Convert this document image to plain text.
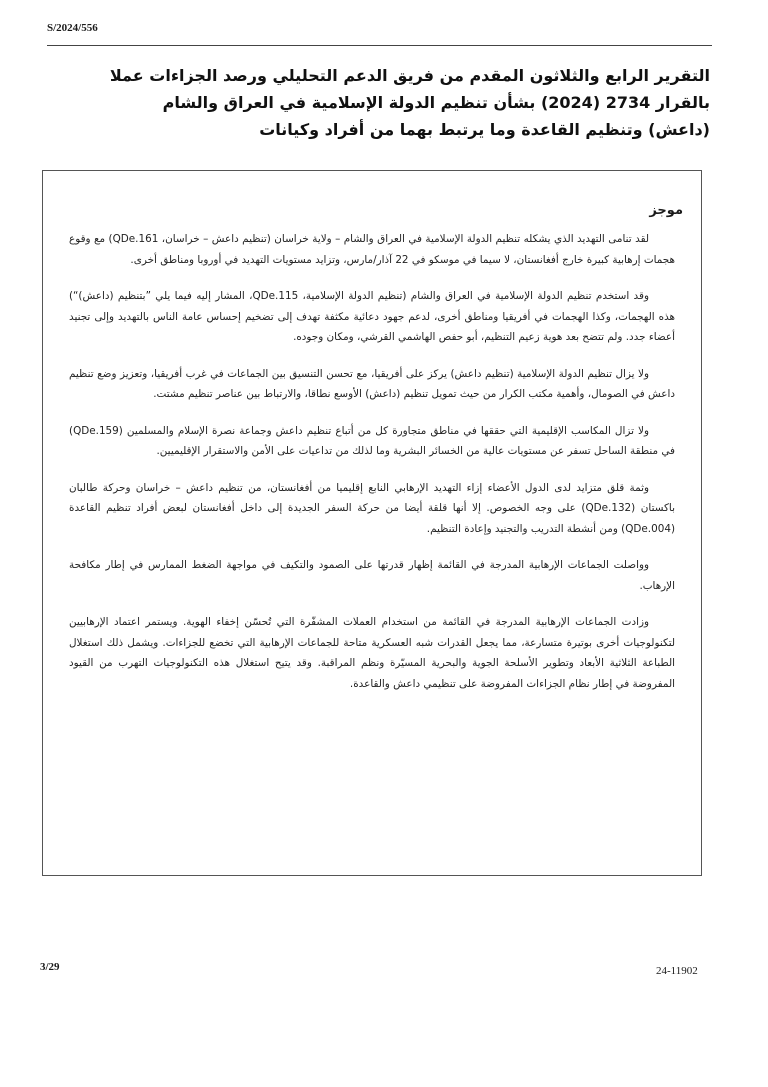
S/2024/556
التقرير الرابع والثلاثون المقدم من فريق الدعم التحليلي ورصد الجزاءات عملا
بالقرار 2734 (2024) بشأن تنظيم الدولة الإسلامية في العراق والشام
(داعش) وتنظيم القاعدة وما يرتبط بهما من أفراد وكيانات
موجز

لقد تنامى التهديد الذي يشكله تنظيم الدولة الإسلامية في العراق والشام – ولاية خراسان (تنظيم داعش – خراسان، QDe.161) مع وقوع هجمات إرهابية كبيرة خارج أفغانستان، لا سيما في موسكو في 22 آذار/مارس، وتزايد مستويات التهديد في أوروبا ومناطق أخرى.

وقد استخدم تنظيم الدولة الإسلامية في العراق والشام (تنظيم الدولة الإسلامية، QDe.115، المشار إليه فيما يلي ”بتنظيم (داعش)“) هذه الهجمات، وكذا الهجمات في أفريقيا ومناطق أخرى، لدعم جهود دعائية مكثفة تهدف إلى تضخيم إحساس عامة الناس بالتهديد وإلى تجنيد أعضاء جدد. ولم تتضح بعد هوية زعيم التنظيم، أبو حفص الهاشمي القرشي، ومكان وجوده.

ولا يزال تنظيم الدولة الإسلامية (تنظيم داعش) يركز على أفريقيا، مع تحسن التنسيق بين الجماعات في غرب أفريقيا، وتعزيز وضع تنظيم داعش في الصومال، وأهمية مكتب الكرار من حيث تمويل تنظيم (داعش) الأوسع نطاقا، والارتباط بين عناصر تنظيم مشتت.

ولا تزال المكاسب الإقليمية التي حققها في مناطق متجاورة كل من أتباع تنظيم داعش وجماعة نصرة الإسلام والمسلمين (QDe.159) في منطقة الساحل تسفر عن مستويات عالية من الخسائر البشرية وما لذلك من تداعيات على الأمن والاستقرار الإقليميين.

وثمة قلق متزايد لدى الدول الأعضاء إزاء التهديد الإرهابي النابع إقليميا من أفغانستان، من تنظيم داعش – خراسان وحركة طالبان باكستان (QDe.132) على وجه الخصوص. إلا أنها قلقة أيضا من حركة السفر الجديدة إلى داخل أفغانستان لبعض أفراد تنظيم القاعدة (QDe.004) ومن أنشطة التدريب والتجنيد وإعادة التنظيم.

وواصلت الجماعات الإرهابية المدرجة في القائمة إظهار قدرتها على الصمود والتكيف في مواجهة الضغط الممارس في إطار مكافحة الإرهاب.

وزادت الجماعات الإرهابية المدرجة في القائمة من استخدام العملات المشفّرة التي تُحسّن إخفاء الهوية. ويستمر اعتماد الإرهابيين لتكنولوجيات أخرى بوتيرة متسارعة، مما يجعل القدرات شبه العسكرية متاحة للجماعات الإرهابية التي تخضع للجزاءات. ويشمل ذلك استغلال الطباعة الثلاثية الأبعاد وتطوير الأسلحة الجوية والبحرية المسيّرة ونظم المراقبة. وقد يتيح استغلال هذه التكنولوجيات التهرب من القيود المفروضة في إطار نظام الجزاءات المفروضة على تنظيمي داعش والقاعدة.

3/29	24-11902
